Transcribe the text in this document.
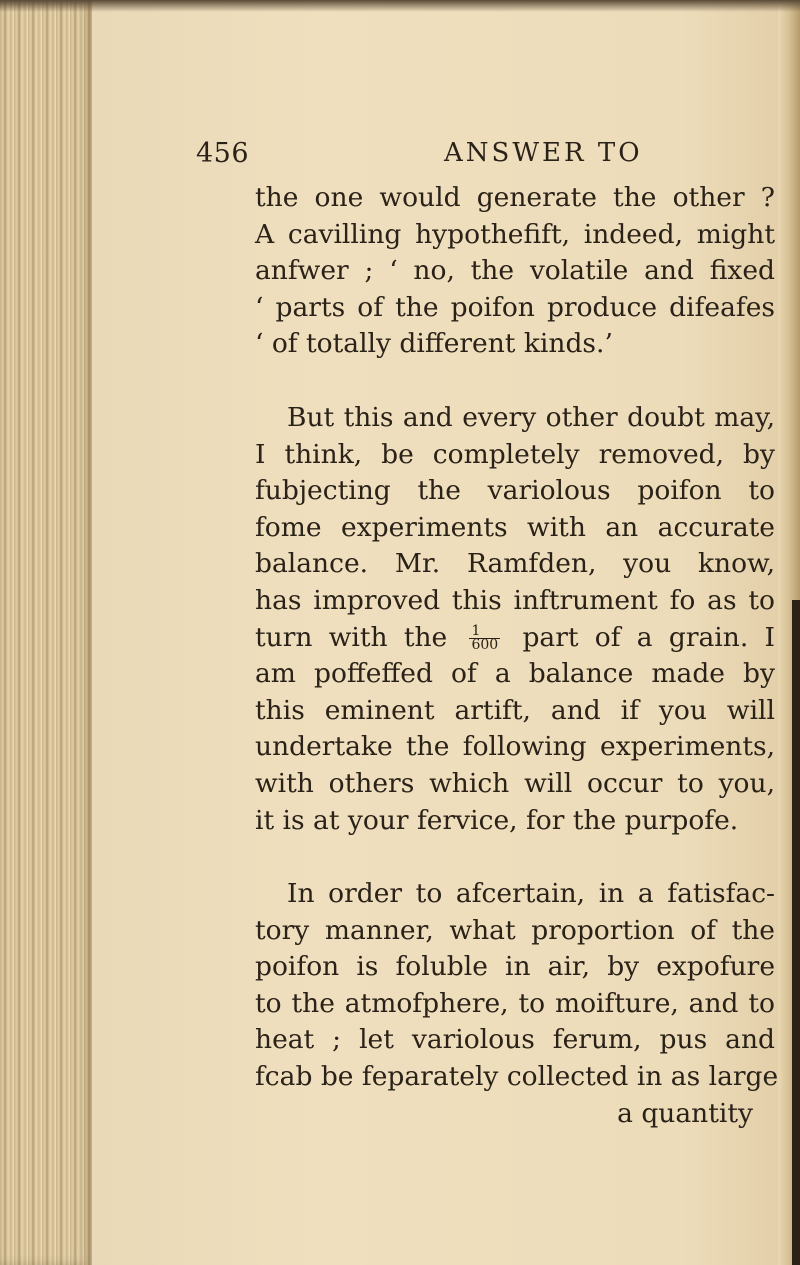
456	ANSWER TO
the one would generate the other ?
A cavilling hypothefift, indeed, might
anfwer ; ‘ no, the volatile and fixed
‘ parts of the poifon produce difeafes
‘ of totally different kinds.’
But this and every other doubt may,
I think, be completely removed, by
fubjecting the variolous poifon to
fome experiments with an accurate
balance. Mr. Ramfden, you know,
has improved this inftrument fo as to
turn with the $\frac{1}{600}$ part of a grain. I
am poffeffed of a balance made by
this eminent artift, and if you will
undertake the following experiments,
with others which will occur to you,
it is at your fervice, for the purpofe.
In order to afcertain, in a fatisfac-
tory manner, what proportion of the
poifon is foluble in air, by expofure
to the atmofphere, to moifture, and to
heat ; let variolous ferum, pus and
fcab be feparately collected in as large
a quantity
